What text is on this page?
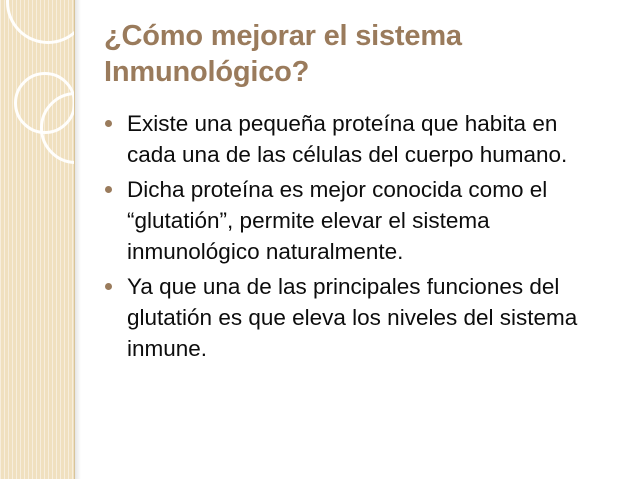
¿Cómo mejorar el sistema Inmunológico?
Existe una pequeña proteína que habita en cada una de las células del cuerpo humano.
Dicha proteína es mejor conocida como el “glutatión”, permite elevar el sistema inmunológico naturalmente.
Ya que una de las principales funciones del glutatión es que eleva los niveles del sistema inmune.
